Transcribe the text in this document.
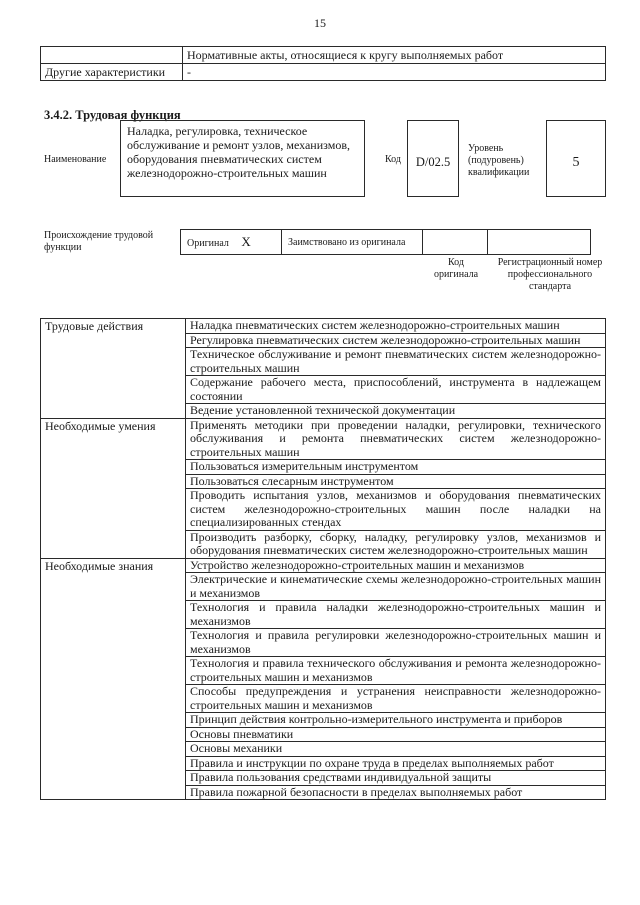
15
	Нормативные акты, относящиеся к кругу выполняемых работ
Другие характеристики	-
3.4.2. Трудовая функция
Наименование
Наладка, регулировка, техническое обслуживание и ремонт узлов, механизмов, оборудования пневматических систем железнодорожно-строительных машин
Код	D/02.5
Уровень (подуровень) квалификации
5
Происхождение трудовой функции	Оригинал X	Заимствовано из оригинала		
Код оригинала
Регистрационный номер профессионального стандарта
Трудовые действия	Наладка пневматических систем железнодорожно-строительных машин
	Регулировка пневматических систем железнодорожно-строительных машин
	Техническое обслуживание и ремонт пневматических систем железнодорожно-строительных машин
	Содержание рабочего места, приспособлений, инструмента в надлежащем состоянии
	Ведение установленной технической документации
Необходимые умения	Применять методики при проведении наладки, регулировки, технического обслуживания и ремонта пневматических систем железнодорожно-строительных машин
	Пользоваться измерительным инструментом
	Пользоваться слесарным инструментом
	Проводить испытания узлов, механизмов и оборудования пневматических систем железнодорожно-строительных машин после наладки на специализированных стендах
	Производить разборку, сборку, наладку, регулировку узлов, механизмов и оборудования пневматических систем железнодорожно-строительных машин
Необходимые знания	Устройство железнодорожно-строительных машин и механизмов
	Электрические и кинематические схемы железнодорожно-строительных машин и механизмов
	Технология и правила наладки железнодорожно-строительных машин и механизмов
	Технология и правила регулировки железнодорожно-строительных машин и механизмов
	Технология и правила технического обслуживания и ремонта железнодорожно-строительных машин и механизмов
	Способы предупреждения и устранения неисправности железнодорожно-строительных машин и механизмов
	Принцип действия контрольно-измерительного инструмента и приборов
	Основы пневматики
	Основы механики
	Правила и инструкции по охране труда в пределах выполняемых работ
	Правила пользования средствами индивидуальной защиты
	Правила пожарной безопасности в пределах выполняемых работ
